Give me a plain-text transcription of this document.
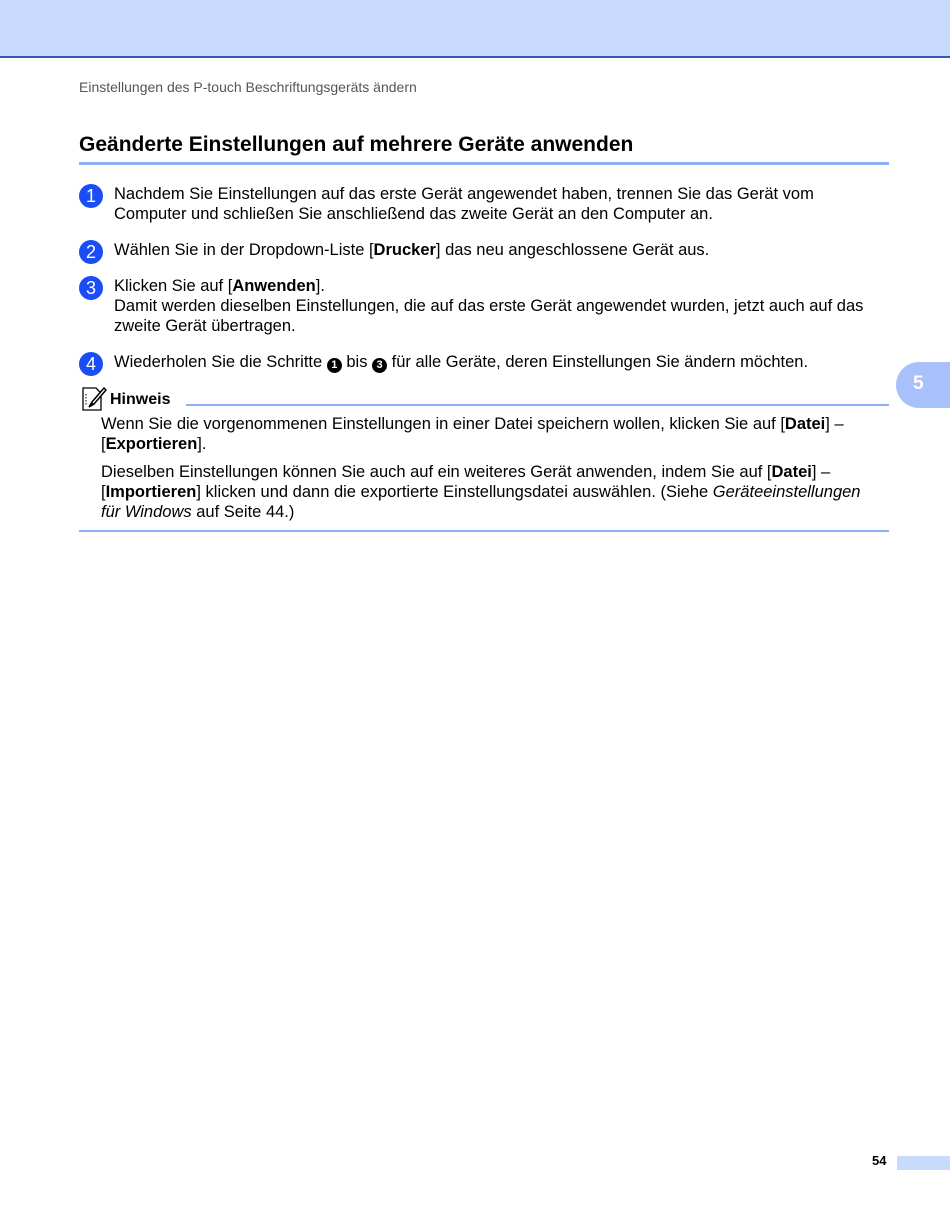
Einstellungen des P-touch Beschriftungsgeräts ändern
Geänderte Einstellungen auf mehrere Geräte anwenden
1	Nachdem Sie Einstellungen auf das erste Gerät angewendet haben, trennen Sie das Gerät vom

Computer und schließen Sie anschließend das zweite Gerät an den Computer an.

2	Wählen Sie in der Dropdown-Liste [Drucker] das neu angeschlossene Gerät aus.

3	Klicken Sie auf [Anwenden].

Damit werden dieselben Einstellungen, die auf das erste Gerät angewendet wurden, jetzt auch auf das

zweite Gerät übertragen.

4	Wiederholen Sie die Schritte 1 bis 3 für alle Geräte, deren Einstellungen Sie ändern möchten.

5
Hinweis

Wenn Sie die vorgenommenen Einstellungen in einer Datei speichern wollen, klicken Sie auf [Datei] –
[Exportieren].

Dieselben Einstellungen können Sie auch auf ein weiteres Gerät anwenden, indem Sie auf [Datei] –
[Importieren] klicken und dann die exportierte Einstellungsdatei auswählen. (Siehe Geräteeinstellungen
für Windows auf Seite 44.)

54
